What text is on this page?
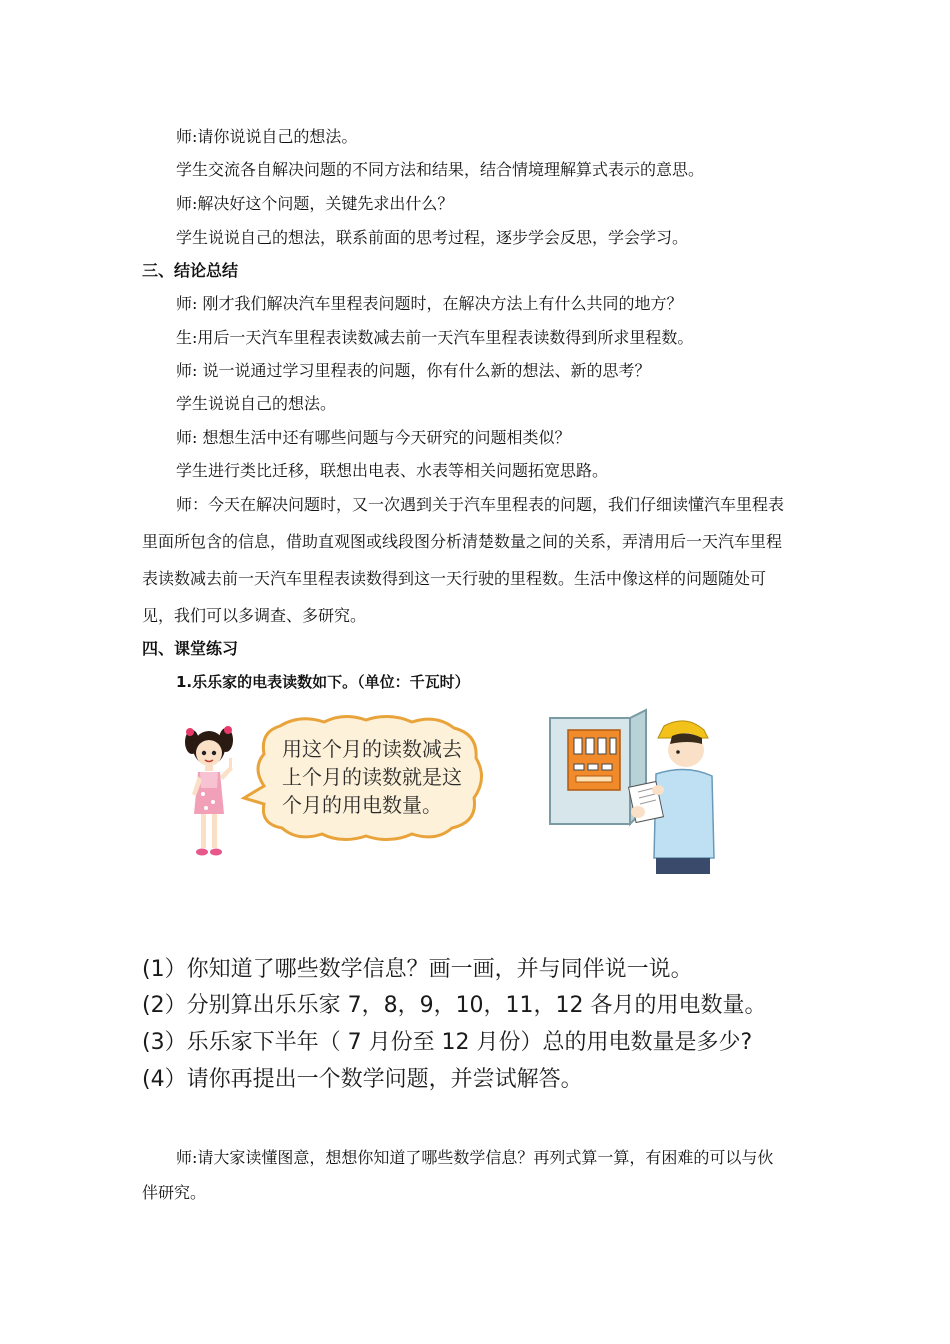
师:请你说说自己的想法。
学生交流各自解决问题的不同方法和结果，结合情境理解算式表示的意思。
师:解决好这个问题，关键先求出什么？
学生说说自己的想法，联系前面的思考过程，逐步学会反思，学会学习。
三、结论总结
师: 刚才我们解决汽车里程表问题时，在解决方法上有什么共同的地方？
生:用后一天汽车里程表读数减去前一天汽车里程表读数得到所求里程数。
师: 说一说通过学习里程表的问题，你有什么新的想法、新的思考？
学生说说自己的想法。
师: 想想生活中还有哪些问题与今天研究的问题相类似？
学生进行类比迁移，联想出电表、水表等相关问题拓宽思路。
师：今天在解决问题时，又一次遇到关于汽车里程表的问题，我们仔细读懂汽车里程表
里面所包含的信息，借助直观图或线段图分析清楚数量之间的关系，弄清用后一天汽车里程
表读数减去前一天汽车里程表读数得到这一天行驶的里程数。生活中像这样的问题随处可
见，我们可以多调查、多研究。
四、课堂练习
1.乐乐家的电表读数如下。（单位：千瓦时）
用这个月的读数减去
上个月的读数就是这
个月的用电数量。
(1）你知道了哪些数学信息？画一画，并与同伴说一说。
(2）分别算出乐乐家 7，8，9，10，11，12 各月的用电数量。
(3）乐乐家下半年（ 7 月份至 12 月份）总的用电数量是多少?
(4）请你再提出一个数学问题，并尝试解答。
师:请大家读懂图意，想想你知道了哪些数学信息？再列式算一算，有困难的可以与伙
伴研究。
